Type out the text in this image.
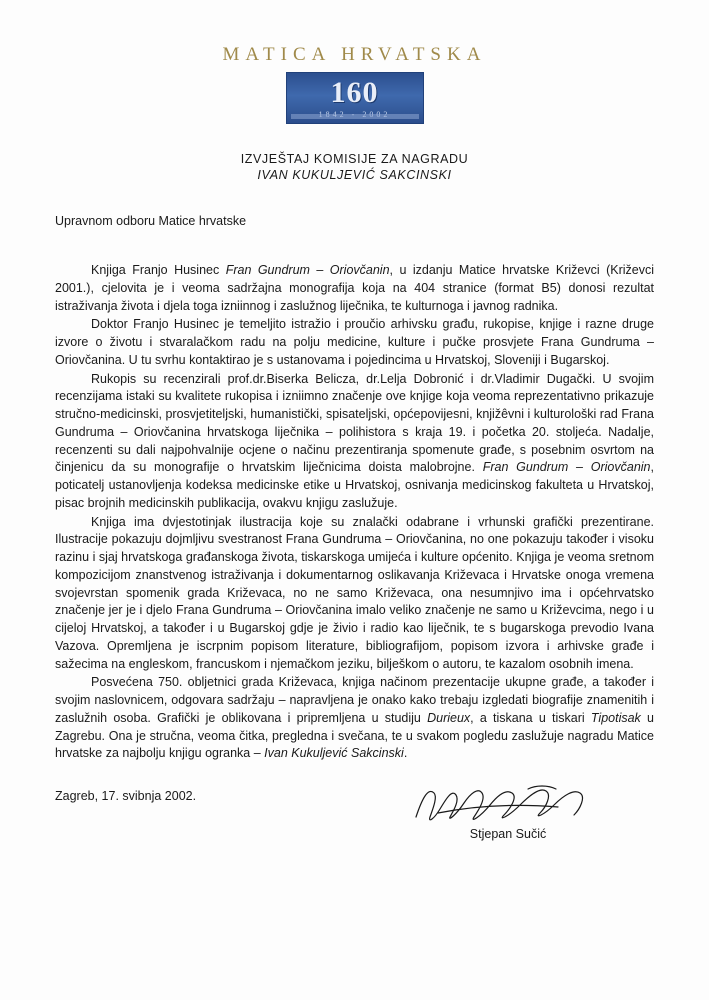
MATICA HRVATSKA
160
IZVJEŠTAJ KOMISIJE ZA NAGRADU
IVAN KUKULJEVIĆ SAKCINSKI
Upravnom odboru Matice hrvatske

Knjiga Franjo Husinec Fran Gundrum – Oriovčanin, u izdanju Matice hrvatske Križevci (Križevci 2001.), cjelovita je i veoma sadržajna monografija koja na 404 stranice (format B5) donosi rezultat istraživanja života i djela toga izniinnog i zaslužnog liječnika, te kulturnoga i javnog radnika.

Doktor Franjo Husinec je temeljito istražio i proučio arhivsku građu, rukopise, knjige i razne druge izvore o životu i stvaralačkom radu na polju medicine, kulture i pučke prosvjete Frana Gundruma – Oriovčanina. U tu svrhu kontaktirao je s ustanovama i pojedincima u Hrvatskoj, Sloveniji i Bugarskoj.

Rukopis su recenzirali prof.dr.Biserka Belicza, dr.Lelja Dobronić i dr.Vladimir Dugački. U svojim recenzijama istaki su kvalitete rukopisa i izniimno značenje ove knjige koja veoma reprezentativno prikazuje stručno-medicinski, prosvjetiteljski, humanistički, spisateljski, općepovijesni, knjižêvni i kulturološki rad Frana Gundruma – Oriovčanina hrvatskoga liječnika – polihistora s kraja 19. i početka 20. stoljeća. Nadalje, recenzenti su dali najpohvalnije ocjene o načinu prezentiranja spomenute građe, s posebnim osvrtom na činjenicu da su monografije o hrvatskim liječnicima doista malobrojne. Fran Gundrum – Oriovčanin, poticatelj ustanovljenja kodeksa medicinske etike u Hrvatskoj, osnivanja medicinskog fakulteta u Hrvatskoj, pisac brojnih medicinskih publikacija, ovakvu knjigu zaslužuje.

Knjiga ima dvjestotinjak ilustracija koje su znalački odabrane i vrhunski grafički prezentirane. Ilustracije pokazuju dojmljivu svestranost Frana Gundruma – Oriovčanina, no one pokazuju također i visoku razinu i sjaj hrvatskoga građanskoga života, tiskarskoga umijeća i kulture općenito. Knjiga je veoma sretnom kompozicijom znanstvenog istraživanja i dokumentarnog oslikavanja Križevaca i Hrvatske onoga vremena svojevrstan spomenik grada Križevaca, no ne samo Križevaca, ona nesumnjivo ima i općehrvatsko značenje jer je i djelo Frana Gundruma – Oriovčanina imalo veliko značenje ne samo u Križevcima, nego i u cijeloj Hrvatskoj, a također i u Bugarskoj gdje je živio i radio kao liječnik, te s bugarskoga prevodio Ivana Vazova. Opremljena je iscrpnim popisom literature, bibliografijom, popisom izvora i arhivske građe i sažecima na engleskom, francuskom i njemačkom jeziku, bilješkom o autoru, te kazalom osobnih imena.

Posvećena 750. obljetnici grada Križevaca, knjiga načinom prezentacije ukupne građe, a također i svojim naslovnicem, odgovara sadržaju – napravljena je onako kako trebaju izgledati biografije znamenitih i zaslužnih osoba. Grafički je oblikovana i pripremljena u studiju Durieux, a tiskana u tiskari Tipotisak u Zagrebu. Ona je stručna, veoma čitka, pregledna i svečana, te u svakom pogledu zaslužuje nagradu Matice hrvatske za najbolju knjigu ogranka – Ivan Kukuljević Sakcinski.

Zagreb, 17. svibnja 2002.
Stjepan Sučić
